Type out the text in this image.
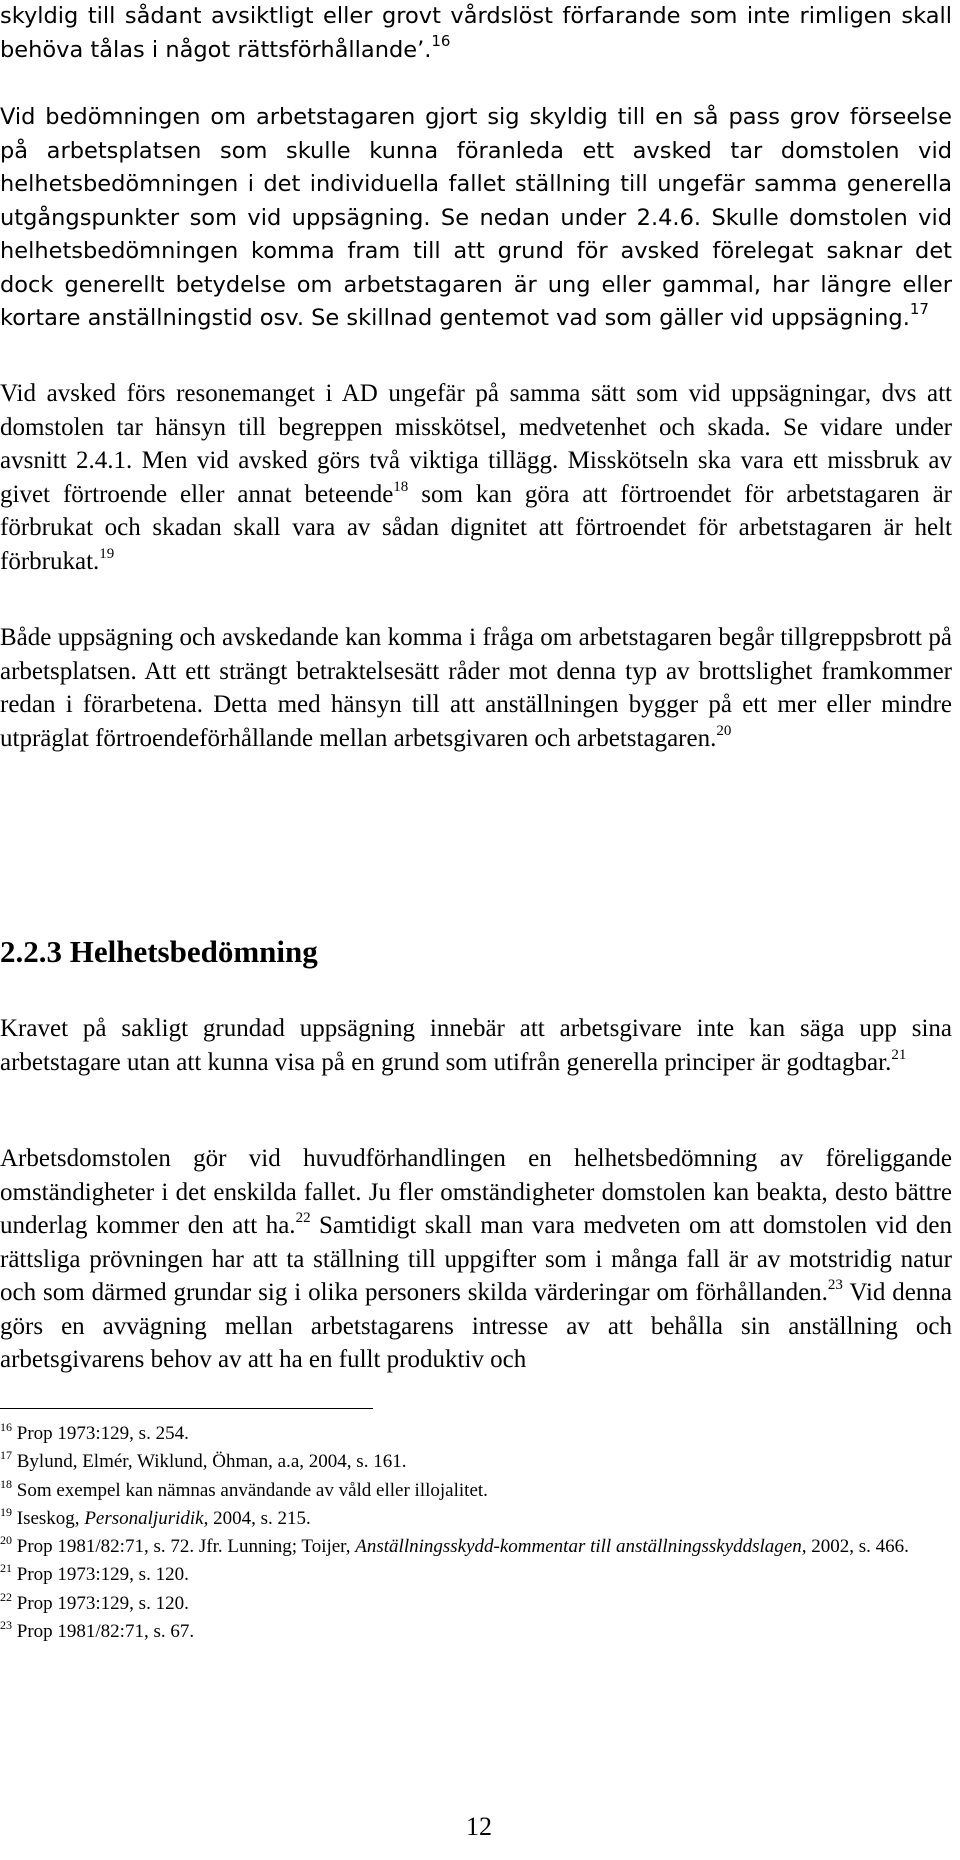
skyldig till sådant avsiktligt eller grovt vårdslöst förfarande som inte rimligen skall behöva tålas i något rättsförhållande’.$^{16}$

Vid bedömningen om arbetstagaren gjort sig skyldig till en så pass grov förseelse på arbetsplatsen som skulle kunna föranleda ett avsked tar domstolen vid helhetsbedömningen i det individuella fallet ställning till ungefär samma generella utgångspunkter som vid uppsägning. Se nedan under 2.4.6. Skulle domstolen vid helhetsbedömningen komma fram till att grund för avsked förelegat saknar det dock generellt betydelse om arbetstagaren är ung eller gammal, har längre eller kortare anställningstid osv. Se skillnad gentemot vad som gäller vid uppsägning.$^{17}$

Vid avsked förs resonemanget i AD ungefär på samma sätt som vid uppsägningar, dvs att domstolen tar hänsyn till begreppen misskötsel, medvetenhet och skada. Se vidare under avsnitt 2.4.1. Men vid avsked görs två viktiga tillägg. Misskötseln ska vara ett missbruk av givet förtroende eller annat beteende$^{18}$ som kan göra att förtroendet för arbetstagaren är förbrukat och skadan skall vara av sådan dignitet att förtroendet för arbetstagaren är helt förbrukat.$^{19}$

Både uppsägning och avskedande kan komma i fråga om arbetstagaren begår tillgreppsbrott på arbetsplatsen. Att ett strängt betraktelsesätt råder mot denna typ av brottslighet framkommer redan i förarbetena. Detta med hänsyn till att anställningen bygger på ett mer eller mindre utpräglat förtroendeförhållande mellan arbetsgivaren och arbetstagaren.$^{20}$

2.2.3 Helhetsbedömning

Kravet på sakligt grundad uppsägning innebär att arbetsgivare inte kan säga upp sina arbetstagare utan att kunna visa på en grund som utifrån generella principer är godtagbar.$^{21}$

Arbetsdomstolen gör vid huvudförhandlingen en helhetsbedömning av föreliggande omständigheter i det enskilda fallet. Ju fler omständigheter domstolen kan beakta, desto bättre underlag kommer den att ha.$^{22}$ Samtidigt skall man vara medveten om att domstolen vid den rättsliga prövningen har att ta ställning till uppgifter som i många fall är av motstridig natur och som därmed grundar sig i olika personers skilda värderingar om förhållanden.$^{23}$ Vid denna görs en avvägning mellan arbetstagarens intresse av att behålla sin anställning och arbetsgivarens behov av att ha en fullt produktiv och

$^{16}$ Prop 1973:129, s. 254.
$^{17}$ Bylund, Elmér, Wiklund, Öhman, a.a, 2004, s. 161.
$^{18}$ Som exempel kan nämnas användande av våld eller illojalitet.
$^{19}$ Iseskog, Personaljuridik, 2004, s. 215.
$^{20}$ Prop 1981/82:71, s. 72. Jfr. Lunning; Toijer, Anställningsskydd-kommentar till anställningsskyddslagen, 2002, s. 466.
$^{21}$ Prop 1973:129, s. 120.
$^{22}$ Prop 1973:129, s. 120.
$^{23}$ Prop 1981/82:71, s. 67.
12
